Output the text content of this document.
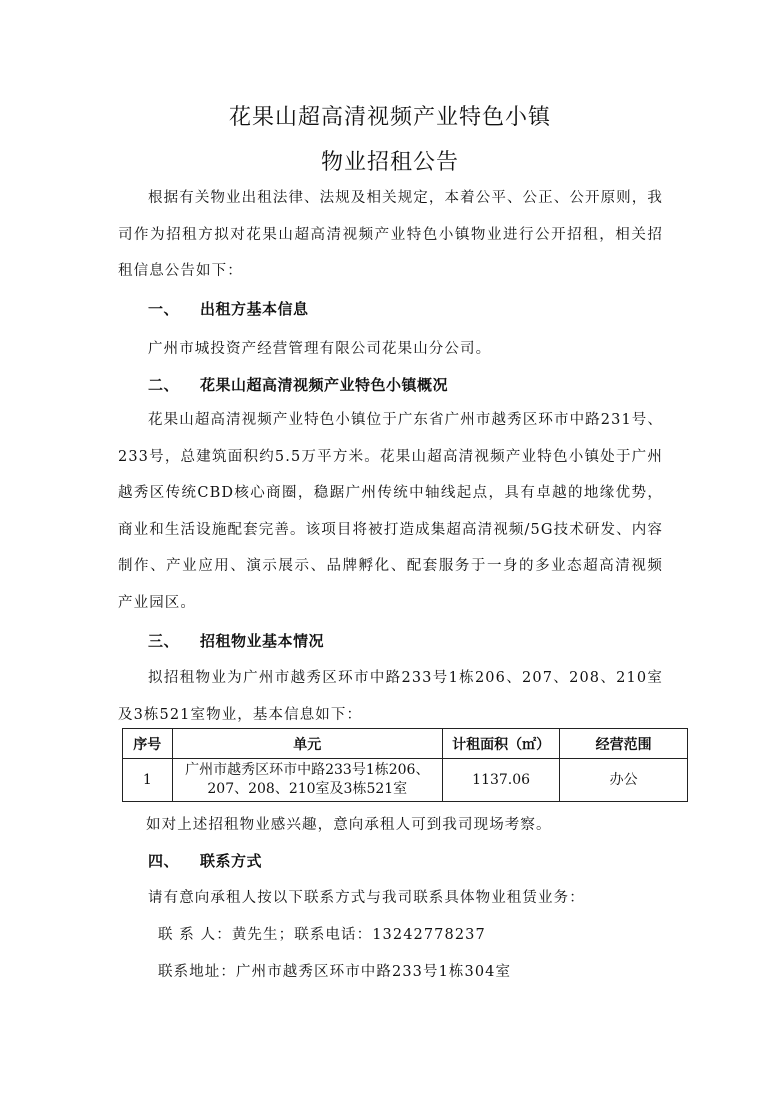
花果山超高清视频产业特色小镇
物业招租公告

根据有关物业出租法律、法规及相关规定，本着公平、公正、公开原则，我司作为招租方拟对花果山超高清视频产业特色小镇物业进行公开招租，相关招租信息公告如下：

一、 出租方基本信息
广州市城投资产经营管理有限公司花果山分公司。
二、 花果山超高清视频产业特色小镇概况

花果山超高清视频产业特色小镇位于广东省广州市越秀区环市中路231号、233号，总建筑面积约5.5万平方米。花果山超高清视频产业特色小镇处于广州越秀区传统CBD核心商圈，稳踞广州传统中轴线起点，具有卓越的地缘优势，商业和生活设施配套完善。该项目将被打造成集超高清视频/5G技术研发、内容制作、产业应用、演示展示、品牌孵化、配套服务于一身的多业态超高清视频产业园区。

三、 招租物业基本情况

拟招租物业为广州市越秀区环市中路233号1栋206、207、208、210室及3栋521室物业，基本信息如下：

序号	单元	计租面积（㎡）	经营范围
1	广州市越秀区环市中路233号1栋206、
207、208、210室及3栋521室	1137.06	办公
如对上述招租物业感兴趣，意向承租人可到我司现场考察。
四、 联系方式
请有意向承租人按以下联系方式与我司联系具体物业租赁业务：
联 系 人：黄先生；联系电话：13242778237
联系地址：广州市越秀区环市中路233号1栋304室
